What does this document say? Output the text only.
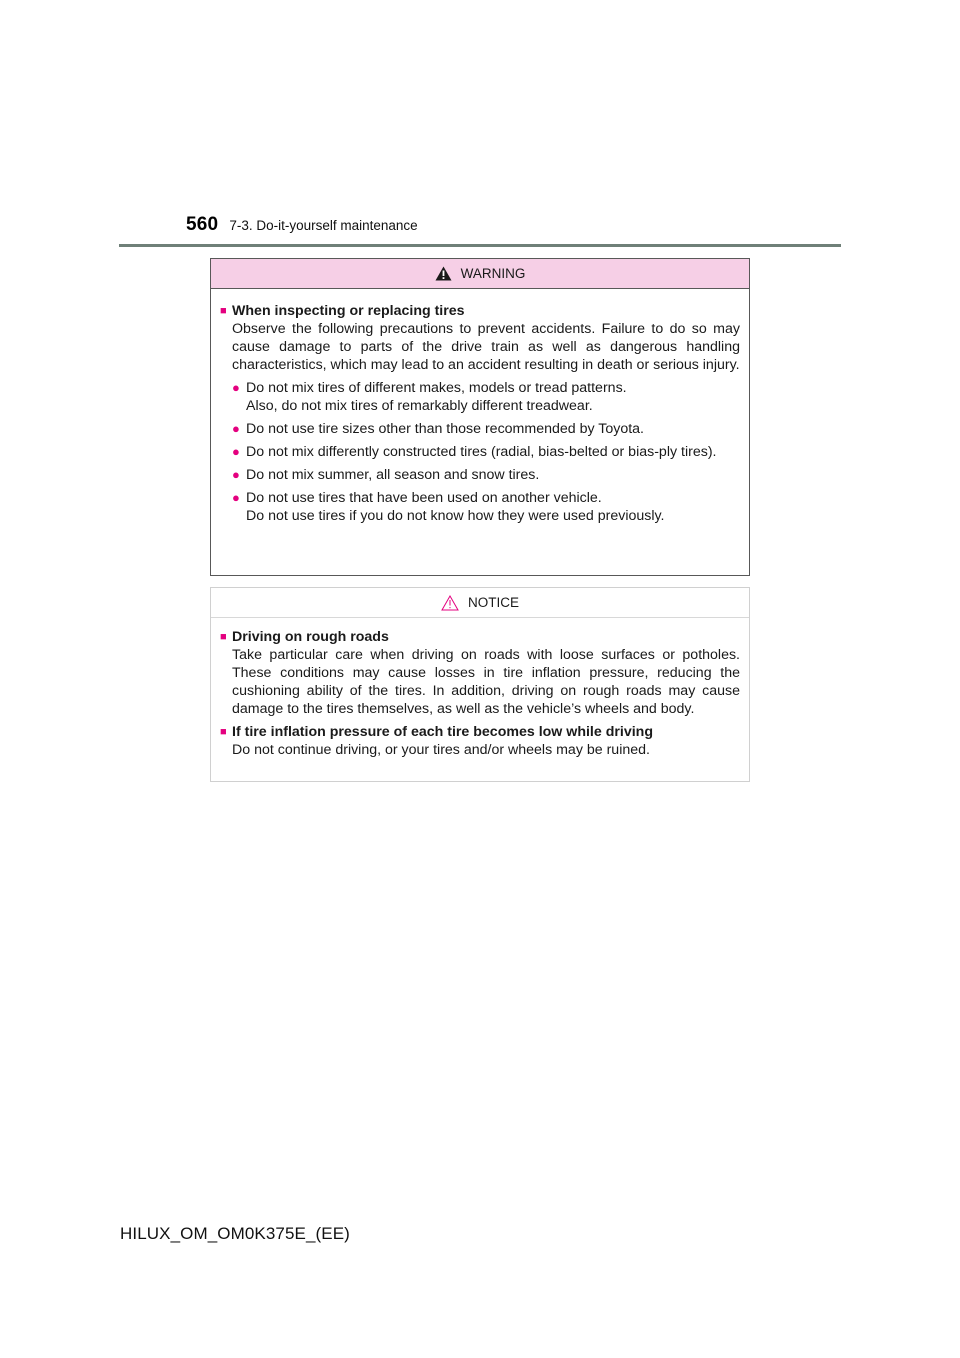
560 7-3. Do-it-yourself maintenance
WARNING
■ When inspecting or replacing tires
Observe the following precautions to prevent accidents. Failure to do so may cause damage to parts of the drive train as well as dangerous handling characteristics, which may lead to an accident resulting in death or serious injury.
● Do not mix tires of different makes, models or tread patterns.
Also, do not mix tires of remarkably different treadwear.
● Do not use tire sizes other than those recommended by Toyota.
● Do not mix differently constructed tires (radial, bias-belted or bias-ply tires).
● Do not mix summer, all season and snow tires.
● Do not use tires that have been used on another vehicle.
Do not use tires if you do not know how they were used previously.
NOTICE
■ Driving on rough roads
Take particular care when driving on roads with loose surfaces or potholes. These conditions may cause losses in tire inflation pressure, reducing the cushioning ability of the tires. In addition, driving on rough roads may cause damage to the tires themselves, as well as the vehicle’s wheels and body.
■ If tire inflation pressure of each tire becomes low while driving
Do not continue driving, or your tires and/or wheels may be ruined.
HILUX_OM_OM0K375E_(EE)
